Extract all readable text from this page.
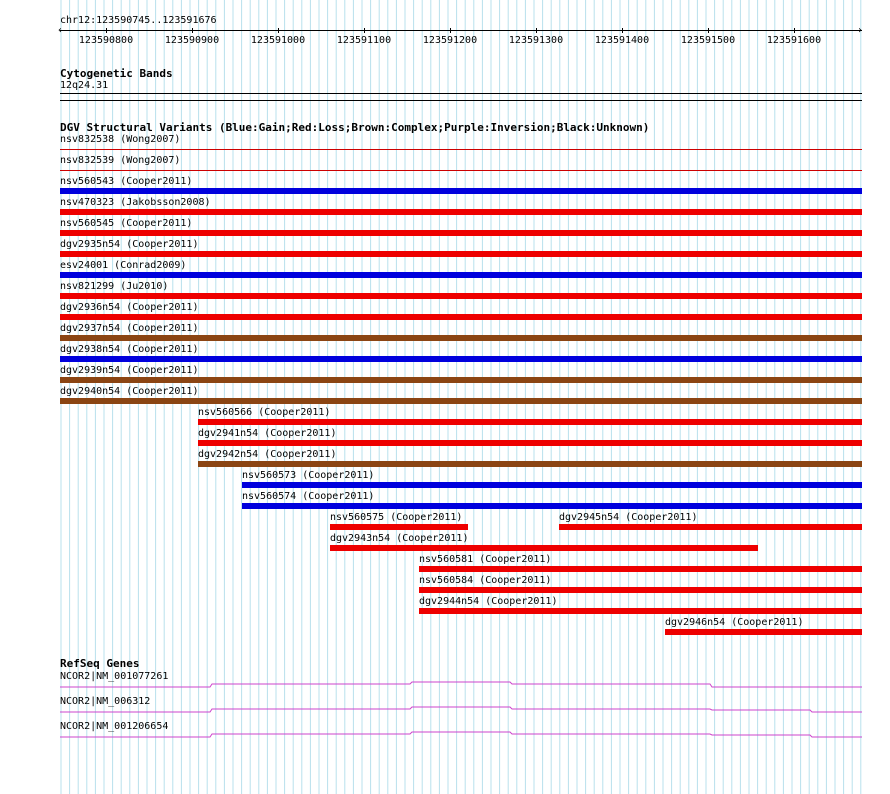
chr12:123590745..123591676
‹	›
123590800	123590900	123591000	123591100	123591200	123591300	123591400	123591500	123591600
Cytogenetic Bands
12q24.31
DGV Structural Variants (Blue:Gain;Red:Loss;Brown:Complex;Purple:Inversion;Black:Unknown)
nsv832538 (Wong2007)
nsv832539 (Wong2007)
nsv560543 (Cooper2011)
nsv470323 (Jakobsson2008)
nsv560545 (Cooper2011)
dgv2935n54 (Cooper2011)
esv24001 (Conrad2009)
nsv821299 (Ju2010)
dgv2936n54 (Cooper2011)
dgv2937n54 (Cooper2011)
dgv2938n54 (Cooper2011)
dgv2939n54 (Cooper2011)
dgv2940n54 (Cooper2011)
nsv560566 (Cooper2011)
dgv2941n54 (Cooper2011)
dgv2942n54 (Cooper2011)
nsv560573 (Cooper2011)
nsv560574 (Cooper2011)
nsv560575 (Cooper2011)	dgv2945n54 (Cooper2011)
dgv2943n54 (Cooper2011)
nsv560581 (Cooper2011)
nsv560584 (Cooper2011)
dgv2944n54 (Cooper2011)
dgv2946n54 (Cooper2011)
RefSeq Genes
NCOR2|NM_001077261
NCOR2|NM_006312
NCOR2|NM_001206654
